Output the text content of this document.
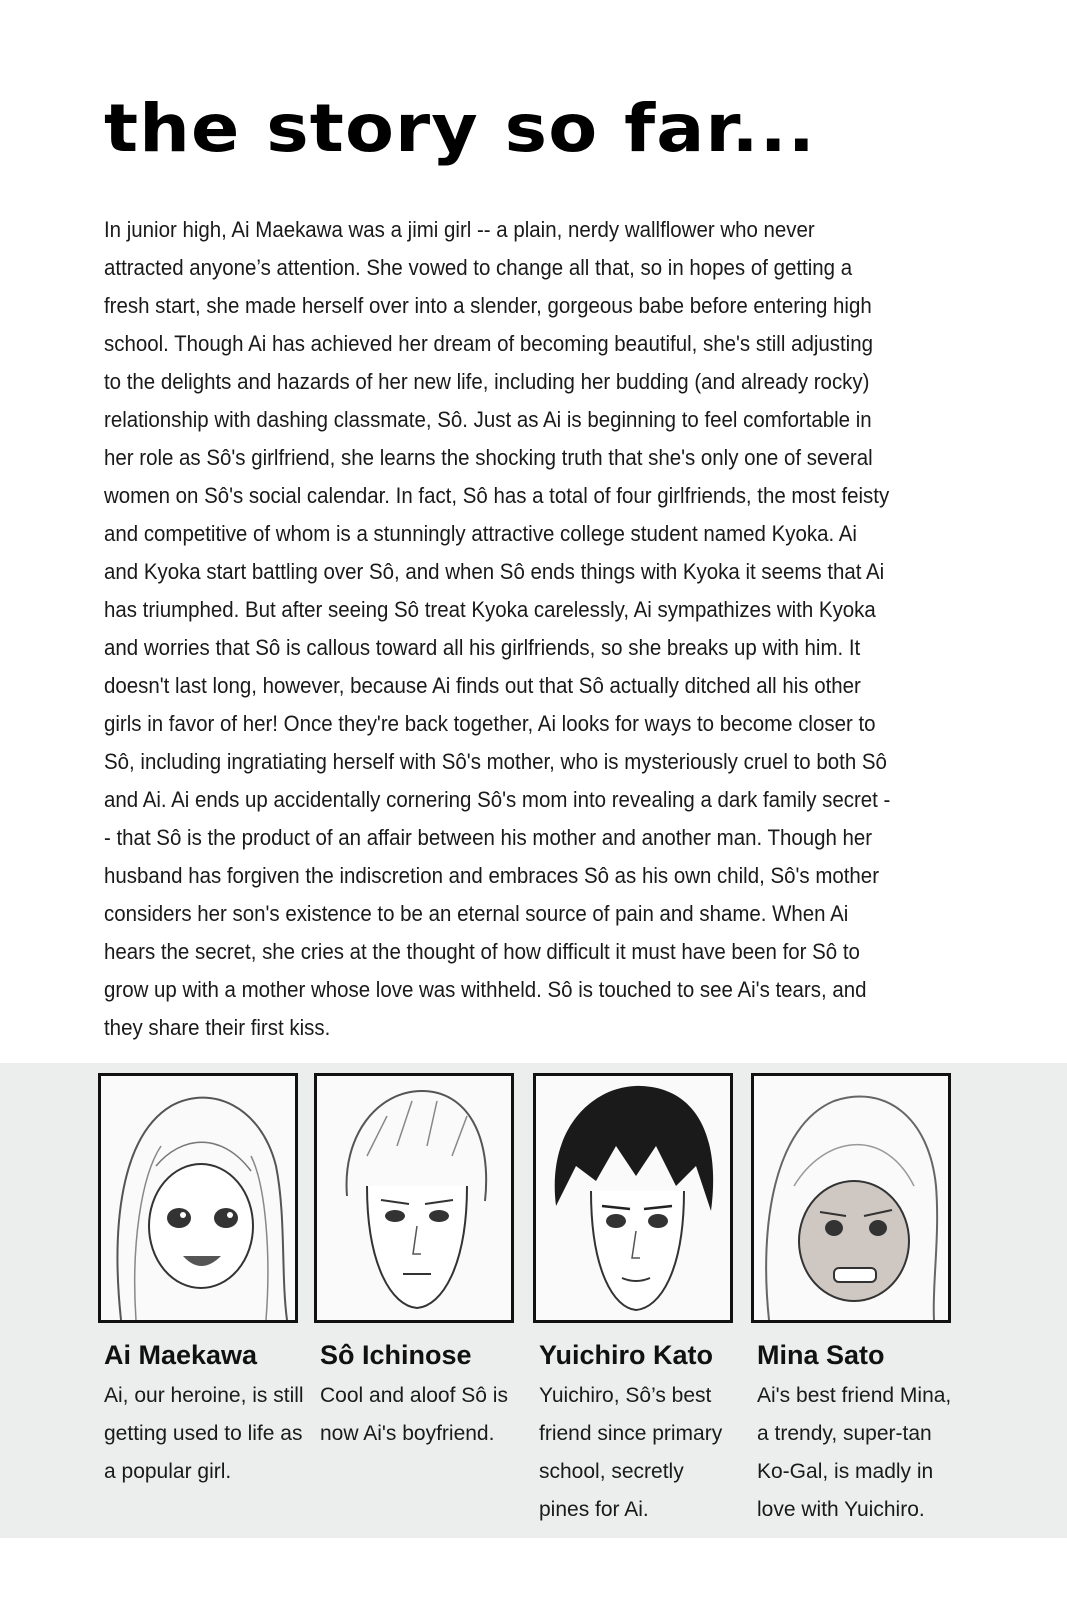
the story so far...

In junior high, Ai Maekawa was a jimi girl -- a plain, nerdy wallflower who never attracted anyone’s attention. She vowed to change all that, so in hopes of getting a fresh start, she made herself over into a slender, gorgeous babe before entering high school. Though Ai has achieved her dream of becoming beautiful, she's still adjusting to the delights and hazards of her new life, including her budding (and already rocky) relationship with dashing classmate, Sô. Just as Ai is beginning to feel comfortable in her role as Sô's girlfriend, she learns the shocking truth that she's only one of several women on Sô's social calendar. In fact, Sô has a total of four girlfriends, the most feisty and competitive of whom is a stunningly attractive college student named Kyoka. Ai and Kyoka start battling over Sô, and when Sô ends things with Kyoka it seems that Ai has triumphed. But after seeing Sô treat Kyoka carelessly, Ai sympathizes with Kyoka and worries that Sô is callous toward all his girlfriends, so she breaks up with him. It doesn't last long, however, because Ai finds out that Sô actually ditched all his other girls in favor of her! Once they're back together, Ai looks for ways to become closer to Sô, including ingratiating herself with Sô's mother, who is mysteriously cruel to both Sô and Ai. Ai ends up accidentally cornering Sô's mom into revealing a dark family secret -- that Sô is the product of an affair between his mother and another man. Though her husband has forgiven the indiscretion and embraces Sô as his own child, Sô's mother considers her son's existence to be an eternal source of pain and shame. When Ai hears the secret, she cries at the thought of how difficult it must have been for Sô to grow up with a mother whose love was withheld. Sô is touched to see Ai's tears, and they share their first kiss.

Ai Maekawa
Ai, our heroine, is still getting used to life as a popular girl.
Sô Ichinose
Cool and aloof Sô is now Ai's boyfriend.
Yuichiro Kato
Yuichiro, Sô’s best friend since primary school, secretly pines for Ai.
Mina Sato
Ai's best friend Mina, a trendy, super-tan Ko-Gal, is madly in love with Yuichiro.
